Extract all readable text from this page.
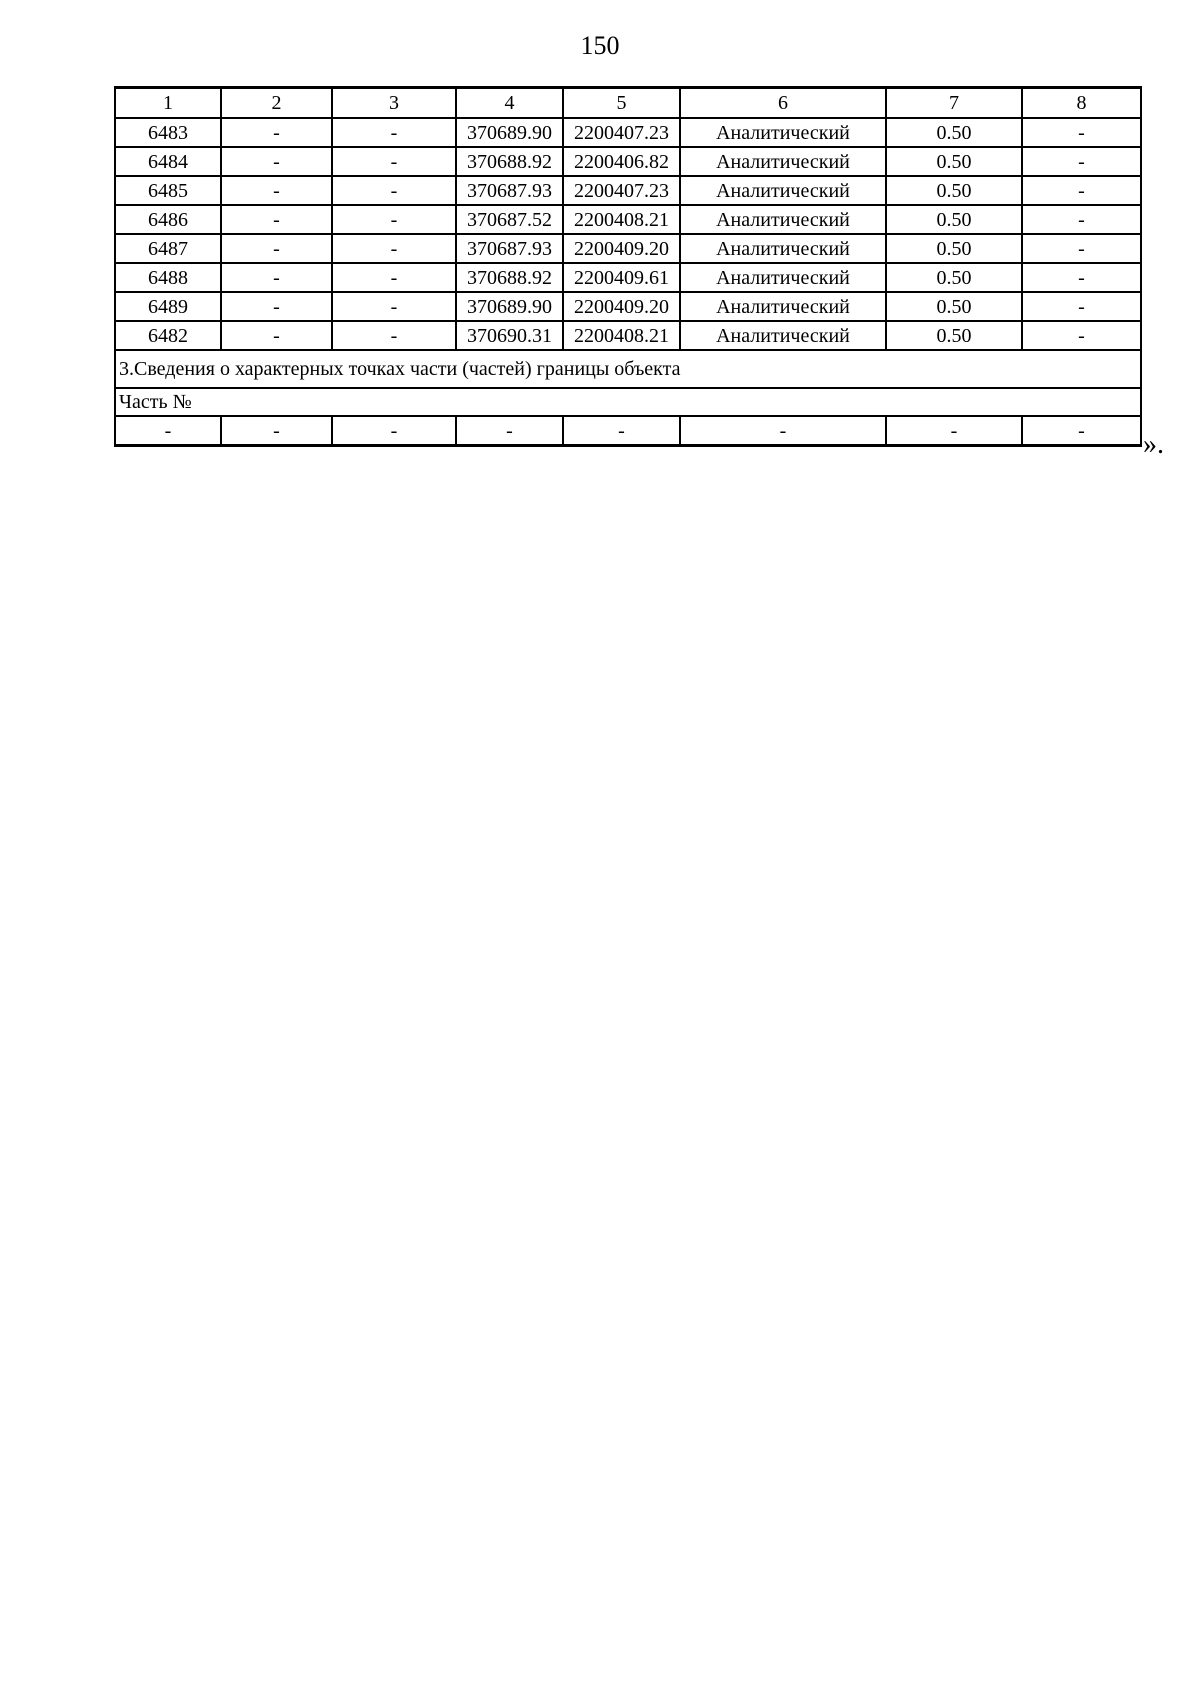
150
1	2	3	4	5	6	7	8
6483	-	-	370689.90	2200407.23	Аналитический	0.50	-
6484	-	-	370688.92	2200406.82	Аналитический	0.50	-
6485	-	-	370687.93	2200407.23	Аналитический	0.50	-
6486	-	-	370687.52	2200408.21	Аналитический	0.50	-
6487	-	-	370687.93	2200409.20	Аналитический	0.50	-
6488	-	-	370688.92	2200409.61	Аналитический	0.50	-
6489	-	-	370689.90	2200409.20	Аналитический	0.50	-
6482	-	-	370690.31	2200408.21	Аналитический	0.50	-
3.Сведения о характерных точках части (частей) границы объекта							
Часть №							
-	-	-	-	-	-	-	- ».
